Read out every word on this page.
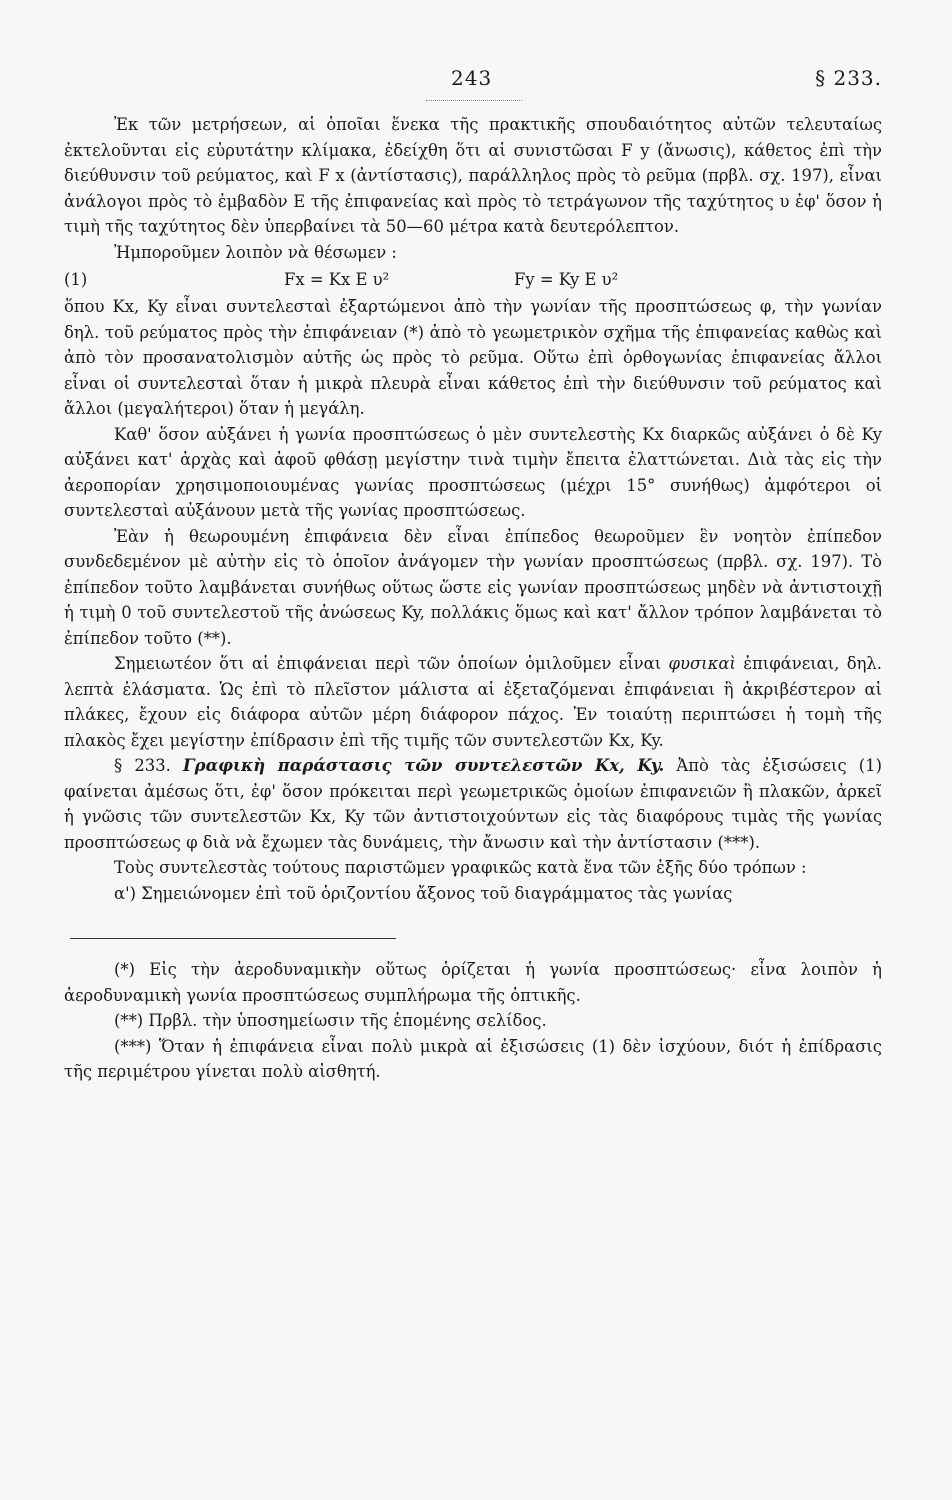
243	§ 233.

Ἐκ τῶν μετρήσεων, αἱ ὁποῖαι ἕνεκα τῆς πρακτικῆς σπουδαιότητος αὐτῶν τελευταίως ἐκτελοῦνται εἰς εὐρυτάτην κλίμακα, ἐδείχθη ὅτι αἱ συνιστῶσαι F y (ἄνωσις), κάθετος ἐπὶ τὴν διεύθυνσιν τοῦ ρεύματος, καὶ F x (ἀντίστασις), παράλληλος πρὸς τὸ ρεῦμα (πρβλ. σχ. 197), εἶναι ἀνάλογοι πρὸς τὸ ἐμβαδὸν E τῆς ἐπιφανείας καὶ πρὸς τὸ τετράγωνον τῆς ταχύτητος υ ἐφ' ὅσον ἡ τιμὴ τῆς ταχύτητος δὲν ὑπερβαίνει τὰ 50—60 μέτρα κατὰ δευτερόλεπτον.

Ἠμποροῦμεν λοιπὸν νὰ θέσωμεν :

(1)	Fx = Kx E υ²	Fy = Ky E υ²

ὅπου Kx, Ky εἶναι συντελεσταὶ ἐξαρτώμενοι ἀπὸ τὴν γωνίαν τῆς προσπτώσεως φ, τὴν γωνίαν δηλ. τοῦ ρεύματος πρὸς τὴν ἐπιφάνειαν (*) ἀπὸ τὸ γεωμετρικὸν σχῆμα τῆς ἐπιφανείας καθὼς καὶ ἀπὸ τὸν προσανατολισμὸν αὐτῆς ὡς πρὸς τὸ ρεῦμα. Οὕτω ἐπὶ ὀρθογωνίας ἐπιφανείας ἄλλοι εἶναι οἱ συντελεσταὶ ὅταν ἡ μικρὰ πλευρὰ εἶναι κάθετος ἐπὶ τὴν διεύθυνσιν τοῦ ρεύματος καὶ ἄλλοι (μεγαλήτεροι) ὅταν ἡ μεγάλη.

Καθ' ὅσον αὐξάνει ἡ γωνία προσπτώσεως ὁ μὲν συντελεστὴς Kx διαρκῶς αὐξάνει ὁ δὲ Ky αὐξάνει κατ' ἀρχὰς καὶ ἀφοῦ φθάσῃ μεγίστην τινὰ τιμὴν ἔπειτα ἐλαττώνεται. Διὰ τὰς εἰς τὴν ἀεροπορίαν χρησιμοποιουμένας γωνίας προσπτώσεως (μέχρι 15° συνήθως) ἀμφότεροι οἱ συντελεσταὶ αὐξάνουν μετὰ τῆς γωνίας προσπτώσεως.

Ἐὰν ἡ θεωρουμένη ἐπιφάνεια δὲν εἶναι ἐπίπεδος θεωροῦμεν ἓν νοητὸν ἐπίπεδον συνδεδεμένον μὲ αὐτὴν εἰς τὸ ὁποῖον ἀνάγομεν τὴν γωνίαν προσπτώσεως (πρβλ. σχ. 197). Τὸ ἐπίπεδον τοῦτο λαμβάνεται συνήθως οὕτως ὥστε εἰς γωνίαν προσπτώσεως μηδὲν νὰ ἀντιστοιχῇ ἡ τιμὴ 0 τοῦ συντελεστοῦ τῆς ἀνώσεως Ky, πολλάκις ὅμως καὶ κατ' ἄλλον τρόπον λαμβάνεται τὸ ἐπίπεδον τοῦτο (**).

Σημειωτέον ὅτι αἱ ἐπιφάνειαι περὶ τῶν ὁποίων ὁμιλοῦμεν εἶναι φυσικαὶ ἐπιφάνειαι, δηλ. λεπτὰ ἐλάσματα. Ὡς ἐπὶ τὸ πλεῖστον μάλιστα αἱ ἐξεταζόμεναι ἐπιφάνειαι ἢ ἀκριβέστερον αἱ πλάκες, ἔχουν εἰς διάφορα αὐτῶν μέρη διάφορον πάχος. Ἐν τοιαύτῃ περιπτώσει ἡ τομὴ τῆς πλακὸς ἔχει μεγίστην ἐπίδρασιν ἐπὶ τῆς τιμῆς τῶν συντελεστῶν Kx, Ky.

§ 233. Γραφικὴ παράστασις τῶν συντελεστῶν Kx, Ky. Ἀπὸ τὰς ἐξισώσεις (1) φαίνεται ἀμέσως ὅτι, ἐφ' ὅσον πρόκειται περὶ γεωμετρικῶς ὁμοίων ἐπιφανειῶν ἢ πλακῶν, ἀρκεῖ ἡ γνῶσις τῶν συντελεστῶν Kx, Ky τῶν ἀντιστοιχούντων εἰς τὰς διαφόρους τιμὰς τῆς γωνίας προσπτώσεως φ διὰ νὰ ἔχωμεν τὰς δυνάμεις, τὴν ἄνωσιν καὶ τὴν ἀντίστασιν (***).

Τοὺς συντελεστὰς τούτους παριστῶμεν γραφικῶς κατὰ ἕνα τῶν ἑξῆς δύο τρόπων :

α') Σημειώνομεν ἐπὶ τοῦ ὁριζοντίου ἄξονος τοῦ διαγράμματος τὰς γωνίας

(*) Εἰς τὴν ἀεροδυναμικὴν οὕτως ὁρίζεται ἡ γωνία προσπτώσεως· εἶνα λοιπὸν ἡ ἀεροδυναμικὴ γωνία προσπτώσεως συμπλήρωμα τῆς ὀπτικῆς.

(**) Πρβλ. τὴν ὑποσημείωσιν τῆς ἑπομένης σελίδος.

(***) Ὅταν ἡ ἐπιφάνεια εἶναι πολὺ μικρὰ αἱ ἐξισώσεις (1) δὲν ἰσχύουν, διότ ἡ ἐπίδρασις τῆς περιμέτρου γίνεται πολὺ αἰσθητή.
